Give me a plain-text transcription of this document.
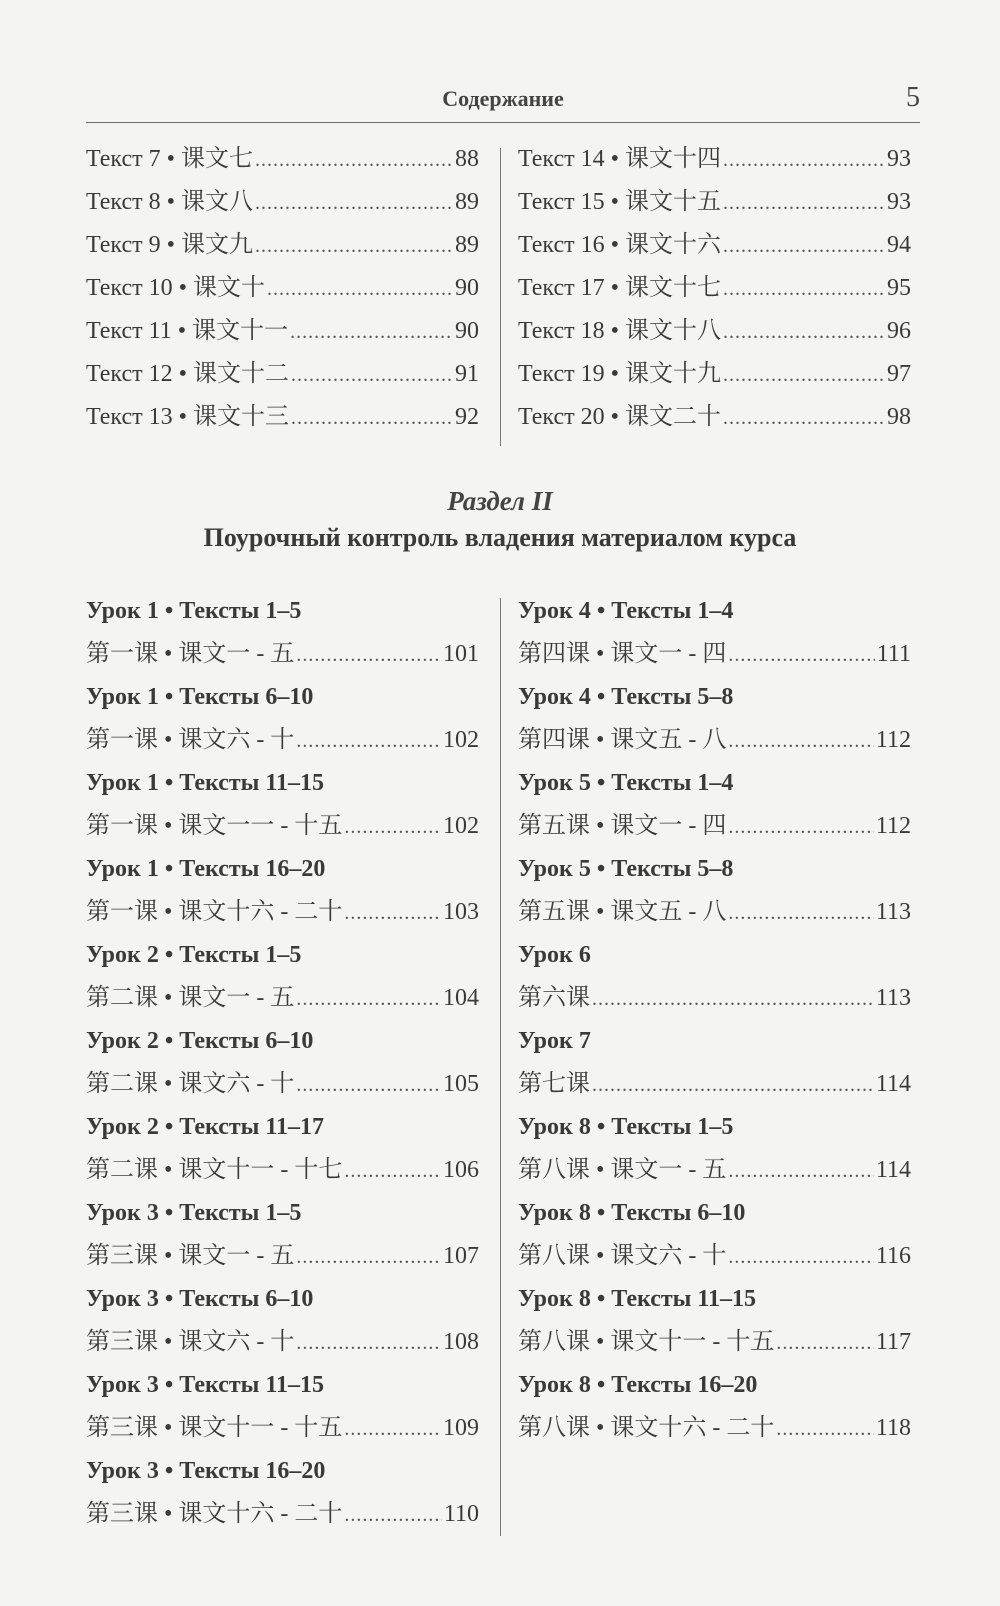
Содержание	5
Текст 7 • 课文七 .....	88
Текст 8 • 课文八 .....	89
Текст 9 • 课文九 .....	89
Текст 10 • 课文十 .....	90
Текст 11 • 课文十一 .....	90
Текст 12 • 课文十二 .....	91
Текст 13 • 课文十三 .....	92
Текст 14 • 课文十四 .....	93
Текст 15 • 课文十五 .....	93
Текст 16 • 课文十六 .....	94
Текст 17 • 课文十七 .....	95
Текст 18 • 课文十八 .....	96
Текст 19 • 课文十九 .....	97
Текст 20 • 课文二十 .....	98
Раздел II
Поурочный контроль владения материалом курса
Урок 1 • Тексты 1–5
第一课 • 课文一 - 五 .....	101
Урок 1 • Тексты 6–10
第一课 • 课文六 - 十 .....	102
Урок 1 • Тексты 11–15
第一课 • 课文一一 - 十五 .....	102
Урок 1 • Тексты 16–20
第一课 • 课文十六 - 二十 .....	103
Урок 2 • Тексты 1–5
第二课 • 课文一 - 五 .....	104
Урок 2 • Тексты 6–10
第二课 • 课文六 - 十 .....	105
Урок 2 • Тексты 11–17
第二课 • 课文十一 - 十七 .....	106
Урок 3 • Тексты 1–5
第三课 • 课文一 - 五 .....	107
Урок 3 • Тексты 6–10
第三课 • 课文六 - 十 .....	108
Урок 3 • Тексты 11–15
第三课 • 课文十一 - 十五 .....	109
Урок 3 • Тексты 16–20
第三课 • 课文十六 - 二十 .....	110
Урок 4 • Тексты 1–4
第四课 • 课文一 - 四 .....	111
Урок 4 • Тексты 5–8
第四课 • 课文五 - 八 .....	112
Урок 5 • Тексты 1–4
第五课 • 课文一 - 四 .....	112
Урок 5 • Тексты 5–8
第五课 • 课文五 - 八 .....	113
Урок 6
第六课 .....	113
Урок 7
第七课 .....	114
Урок 8 • Тексты 1–5
第八课 • 课文一 - 五 .....	114
Урок 8 • Тексты 6–10
第八课 • 课文六 - 十 .....	116
Урок 8 • Тексты 11–15
第八课 • 课文十一 - 十五 .....	117
Урок 8 • Тексты 16–20
第八课 • 课文十六 - 二十 .....	118
